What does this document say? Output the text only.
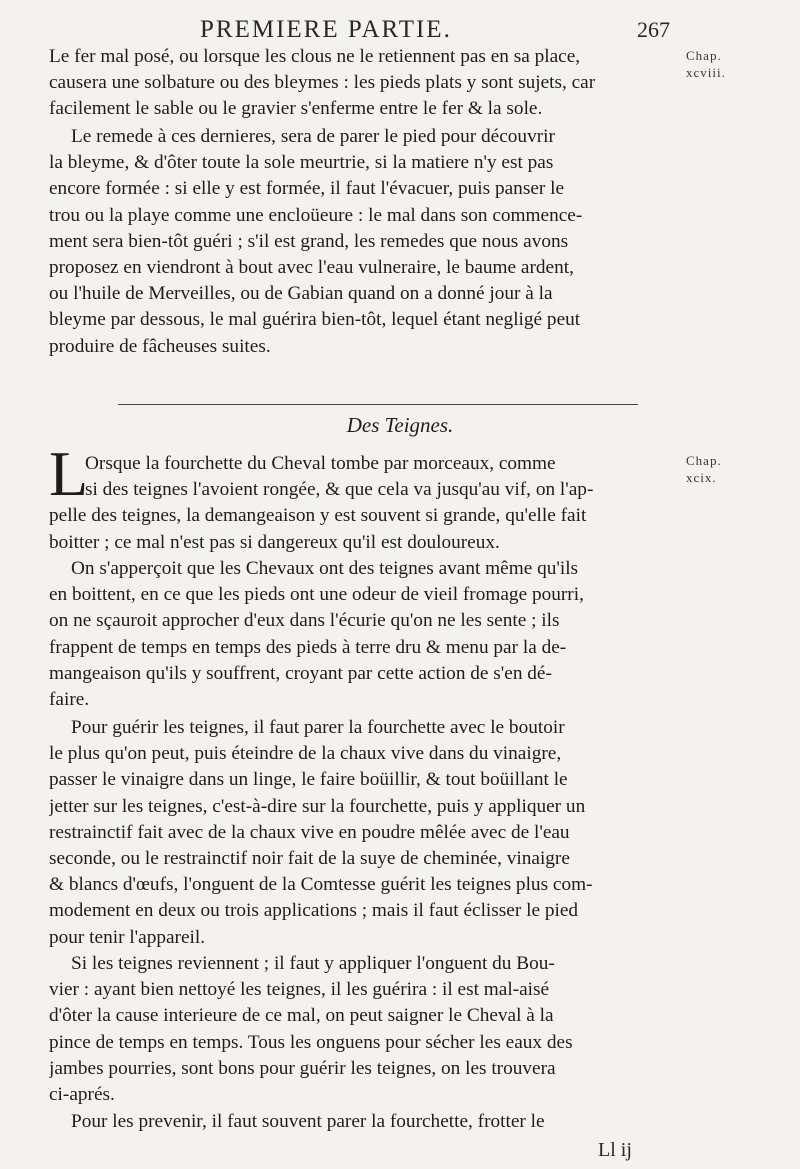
PREMIERE PARTIE.	267
Chap.
xcviii.
Le fer mal posé, ou lorsque les clous ne le retiennent pas en sa place,
causera une solbature ou des bleymes : les pieds plats y sont sujets, car
facilement le sable ou le gravier s'enferme entre le fer & la sole.
Le remede à ces dernieres, sera de parer le pied pour découvrir
la bleyme, & d'ôter toute la sole meurtrie, si la matiere n'y est pas
encore formée : si elle y est formée, il faut l'évacuer, puis panser le
trou ou la playe comme une encloüeure : le mal dans son commence-
ment sera bien-tôt guéri ; s'il est grand, les remedes que nous avons
proposez en viendront à bout avec l'eau vulneraire, le baume ardent,
ou l'huile de Merveilles, ou de Gabian quand on a donné jour à la
bleyme par dessous, le mal guérira bien-tôt, lequel étant negligé peut
produire de fâcheuses suites.
Des Teignes.
Chap.
xcix.
L
Orsque la fourchette du Cheval tombe par morceaux, comme
si des teignes l'avoient rongée, & que cela va jusqu'au vif, on l'ap-
pelle des teignes, la demangeaison y est souvent si grande, qu'elle fait
boitter ; ce mal n'est pas si dangereux qu'il est douloureux.
On s'apperçoit que les Chevaux ont des teignes avant même qu'ils
en boittent, en ce que les pieds ont une odeur de vieil fromage pourri,
on ne sçauroit approcher d'eux dans l'écurie qu'on ne les sente ; ils
frappent de temps en temps des pieds à terre dru & menu par la de-
mangeaison qu'ils y souffrent, croyant par cette action de s'en dé-
faire.
Pour guérir les teignes, il faut parer la fourchette avec le boutoir
le plus qu'on peut, puis éteindre de la chaux vive dans du vinaigre,
passer le vinaigre dans un linge, le faire boüillir, & tout boüillant le
jetter sur les teignes, c'est-à-dire sur la fourchette, puis y appliquer un
restrainctif fait avec de la chaux vive en poudre mêlée avec de l'eau
seconde, ou le restrainctif noir fait de la suye de cheminée, vinaigre
& blancs d'œufs, l'onguent de la Comtesse guérit les teignes plus com-
modement en deux ou trois applications ; mais il faut éclisser le pied
pour tenir l'appareil.
Si les teignes reviennent ; il faut y appliquer l'onguent du Bou-
vier : ayant bien nettoyé les teignes, il les guérira : il est mal-aisé
d'ôter la cause interieure de ce mal, on peut saigner le Cheval à la
pince de temps en temps. Tous les onguens pour sécher les eaux des
jambes pourries, sont bons pour guérir les teignes, on les trouvera
ci-aprés.
Pour les prevenir, il faut souvent parer la fourchette, frotter le
Ll ij
